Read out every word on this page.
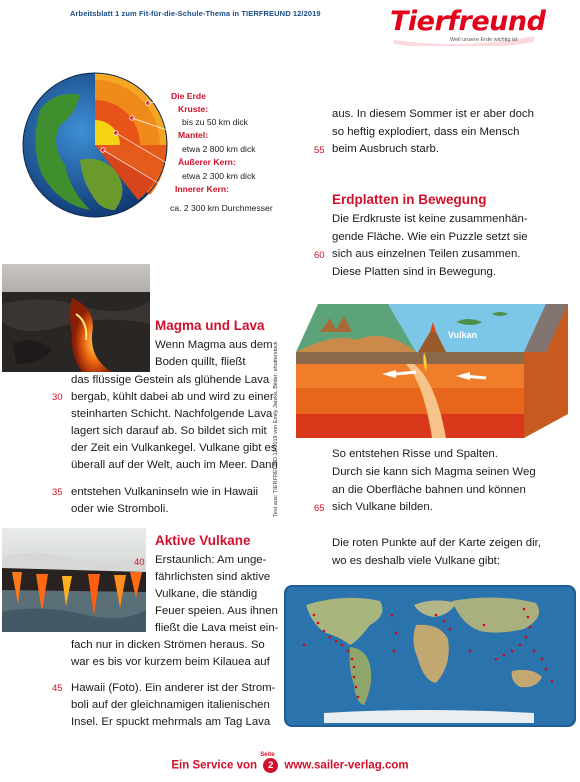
Arbeitsblatt 1 zum Fit-für-die-Schule-Thema in TIERFREUND 12/2019	Tierfreund
Weil unsere Erde wichtig ist
Die Erde
Kruste:
bis zu 50 km dick
Mantel:
etwa 2 800 km dick
Äußerer Kern:
etwa 2 300 km dick
Innerer Kern:
ca. 2 300 km Durchmesser
Text aus: TIERFREUND 12/2019 von Emily Jatzke, Bilder: shutterstock
Magma und Lava
Wenn Magma aus dem
Boden quillt, fließt
das flüssige Gestein als glühende Lava
30 bergab, kühlt dabei ab und wird zu einer
steinharten Schicht. Nachfolgende Lava
lagert sich darauf ab. So bildet sich mit
der Zeit ein Vulkankegel. Vulkane gibt es
überall auf der Welt, auch im Meer. Dann
35 entstehen Vulkaninseln wie in Hawaii
oder wie Stromboli.
Aktive Vulkane
40 Erstaunlich: Am unge-
fährlichsten sind aktive
Vulkane, die ständig
Feuer speien. Aus ihnen
fließt die Lava meist ein-
fach nur in dicken Strömen heraus. So
war es bis vor kurzem beim Kilauea auf
45 Hawaii (Foto). Ein anderer ist der Strom-
boli auf der gleichnamigen italienischen
Insel. Er spuckt mehrmals am Tag Lava
aus. In diesem Sommer ist er aber doch
so heftig explodiert, dass ein Mensch
55 beim Ausbruch starb.
Erdplatten in Bewegung
Die Erdkruste ist keine zusammenhän-
gende Fläche. Wie ein Puzzle setzt sie
60 sich aus einzelnen Teilen zusammen.
Diese Platten sind in Bewegung.
Vulkan
So entstehen Risse und Spalten.
Durch sie kann sich Magma seinen Weg
an die Oberfläche bahnen und können
65 sich Vulkane bilden.
Die roten Punkte auf der Karte zeigen dir,
wo es deshalb viele Vulkane gibt:
Ein Service von
Seite
2 www.sailer-verlag.com
